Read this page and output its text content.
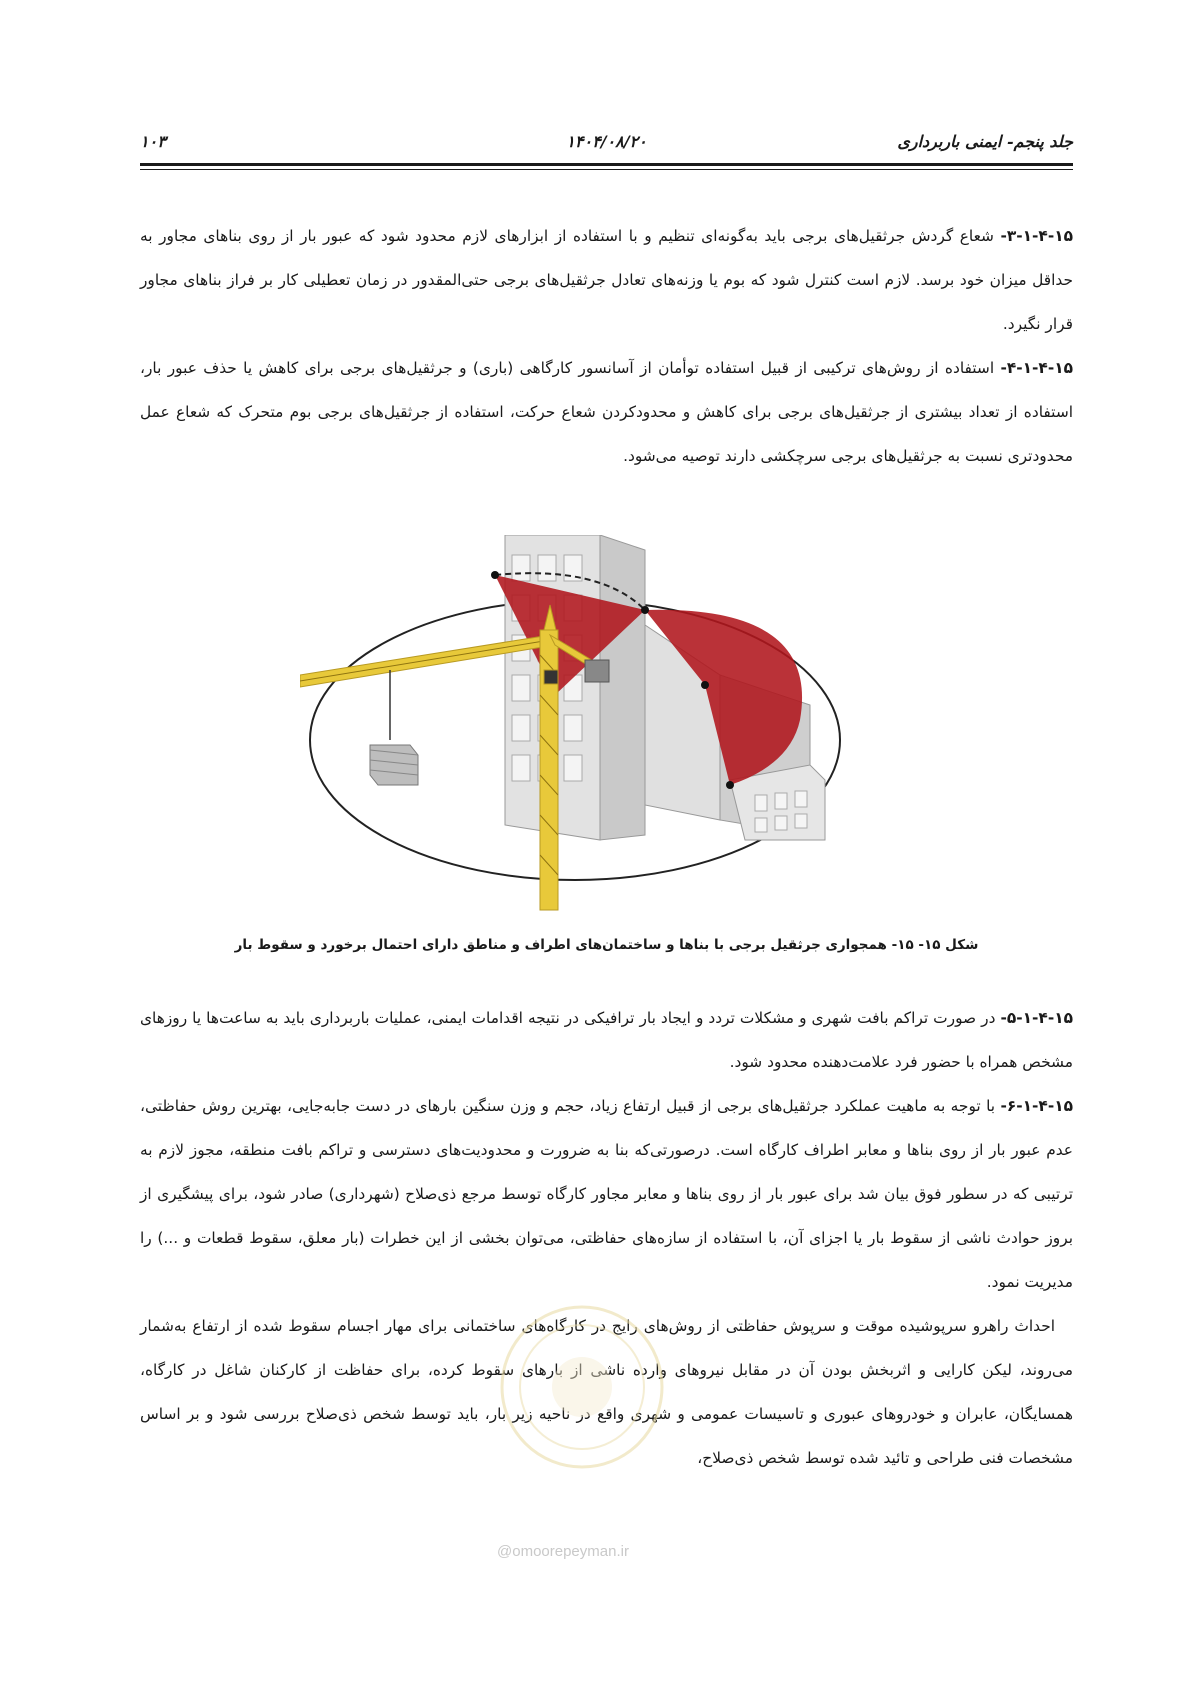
جلد پنجم- ایمنی باربرداری
۱۴۰۴/۰۸/۲۰
۱۰۳

۳-۱-۴-۱۵- شعاع گردش جرثقیل‌های برجی باید به‌گونه‌ای تنظیم و با استفاده از ابزارهای لازم محدود شود که عبور بار از روی بناهای مجاور به حداقل میزان خود برسد. لازم است کنترل شود که بوم یا وزنه‌های تعادل جرثقیل‌های برجی حتی‌المقدور در زمان تعطیلی کار بر فراز بناهای مجاور قرار نگیرد.

۴-۱-۴-۱۵- استفاده از روش‌های ترکیبی از قبیل استفاده توأمان از آسانسور کارگاهی (باری) و جرثقیل‌های برجی برای کاهش یا حذف عبور بار، استفاده از تعداد بیشتری از جرثقیل‌های برجی برای کاهش و محدودکردن شعاع حرکت، استفاده از جرثقیل‌های برجی بوم متحرک که شعاع عمل محدودتری نسبت به جرثقیل‌های برجی سرچکشی دارند توصیه می‌شود.

شکل ۱۵- ۱۵- همجواری جرثقیل برجی با بناها و ساختمان‌های اطراف و مناطق دارای احتمال برخورد و سقوط بار

۵-۱-۴-۱۵- در صورت تراکم بافت شهری و مشکلات تردد و ایجاد بار ترافیکی در نتیجه اقدامات ایمنی، عملیات باربرداری باید به ساعت‌ها یا روزهای مشخص همراه با حضور فرد علامت‌دهنده محدود شود.

۶-۱-۴-۱۵- با توجه به ماهیت عملکرد جرثقیل‌های برجی از قبیل ارتفاع زیاد، حجم و وزن سنگین بارهای در دست جابه‌جایی، بهترین روش حفاظتی، عدم عبور بار از روی بناها و معابر اطراف کارگاه است. درصورتی‌که بنا به ضرورت و محدودیت‌های دسترسی و تراکم بافت منطقه، مجوز لازم به ترتیبی که در سطور فوق بیان شد برای عبور بار از روی بناها و معابر مجاور کارگاه توسط مرجع ذی‌صلاح (شهرداری) صادر شود، برای پیشگیری از بروز حوادث ناشی از سقوط بار یا اجزای آن، با استفاده از سازه‌های حفاظتی، می‌توان بخشی از این خطرات (بار معلق، سقوط قطعات و ...) را مدیریت نمود.

احداث راهرو سرپوشیده موقت و سرپوش حفاظتی از روش‌های رایج در کارگاه‌های ساختمانی برای مهار اجسام سقوط شده از ارتفاع به‌شمار می‌روند، لیکن کارایی و اثربخش بودن آن در مقابل نیروهای وارده ناشی از بارهای سقوط کرده، برای حفاظت از کارکنان شاغل در کارگاه، همسایگان، عابران و خودروهای عبوری و تاسیسات عمومی و شهری واقع در ناحیه زیر بار، باید توسط شخص ذی‌صلاح بررسی شود و بر اساس مشخصات فنی طراحی و تائید شده توسط شخص ذی‌صلاح،

@omoorepeyman.ir
